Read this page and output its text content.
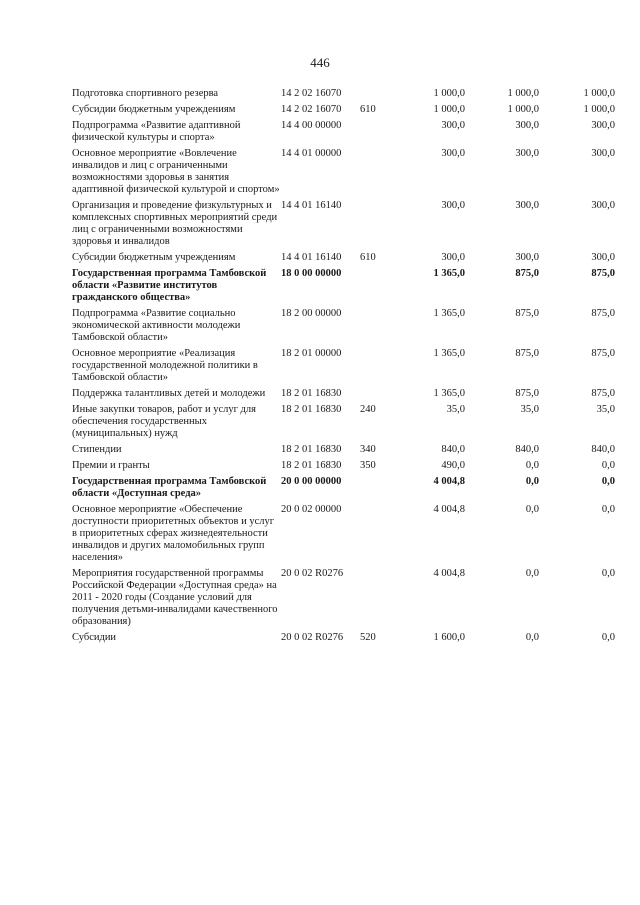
446
Подготовка спортивного резерва	14 2 02 16070		1 000,0	1 000,0	1 000,0
Субсидии бюджетным учреждениям	14 2 02 16070	610	1 000,0	1 000,0	1 000,0
Подпрограмма «Развитие адаптивной физической культуры и спорта»	14 4 00 00000		300,0	300,0	300,0
Основное мероприятие «Вовлечение инвалидов и лиц с ограниченными возможностями здоровья в занятия адаптивной физической культурой и спортом»	14 4 01 00000		300,0	300,0	300,0
Организация и проведение физкультурных и комплексных спортивных мероприятий среди лиц с ограниченными возможностями здоровья и инвалидов	14 4 01 16140		300,0	300,0	300,0
Субсидии бюджетным учреждениям	14 4 01 16140	610	300,0	300,0	300,0
Государственная программа Тамбовской области «Развитие институтов гражданского общества»	18 0 00 00000		1 365,0	875,0	875,0
Подпрограмма «Развитие социально экономической активности молодежи Тамбовской области»	18 2 00 00000		1 365,0	875,0	875,0
Основное мероприятие «Реализация государственной молодежной политики в Тамбовской области»	18 2 01 00000		1 365,0	875,0	875,0
Поддержка талантливых детей и молодежи	18 2 01 16830		1 365,0	875,0	875,0
Иные закупки товаров, работ и услуг для обеспечения государственных (муниципальных) нужд	18 2 01 16830	240	35,0	35,0	35,0
Стипендии	18 2 01 16830	340	840,0	840,0	840,0
Премии и гранты	18 2 01 16830	350	490,0	0,0	0,0
Государственная программа Тамбовской области «Доступная среда»	20 0 00 00000		4 004,8	0,0	0,0
Основное мероприятие «Обеспечение доступности приоритетных объектов и услуг в приоритетных сферах жизнедеятельности инвалидов и других маломобильных групп населения»	20 0 02 00000		4 004,8	0,0	0,0
Мероприятия государственной программы Российской Федерации «Доступная среда» на 2011 - 2020 годы (Создание условий для получения детьми-инвалидами качественного образования)	20 0 02 R0276		4 004,8	0,0	0,0
Субсидии	20 0 02 R0276	520	1 600,0	0,0	0,0
